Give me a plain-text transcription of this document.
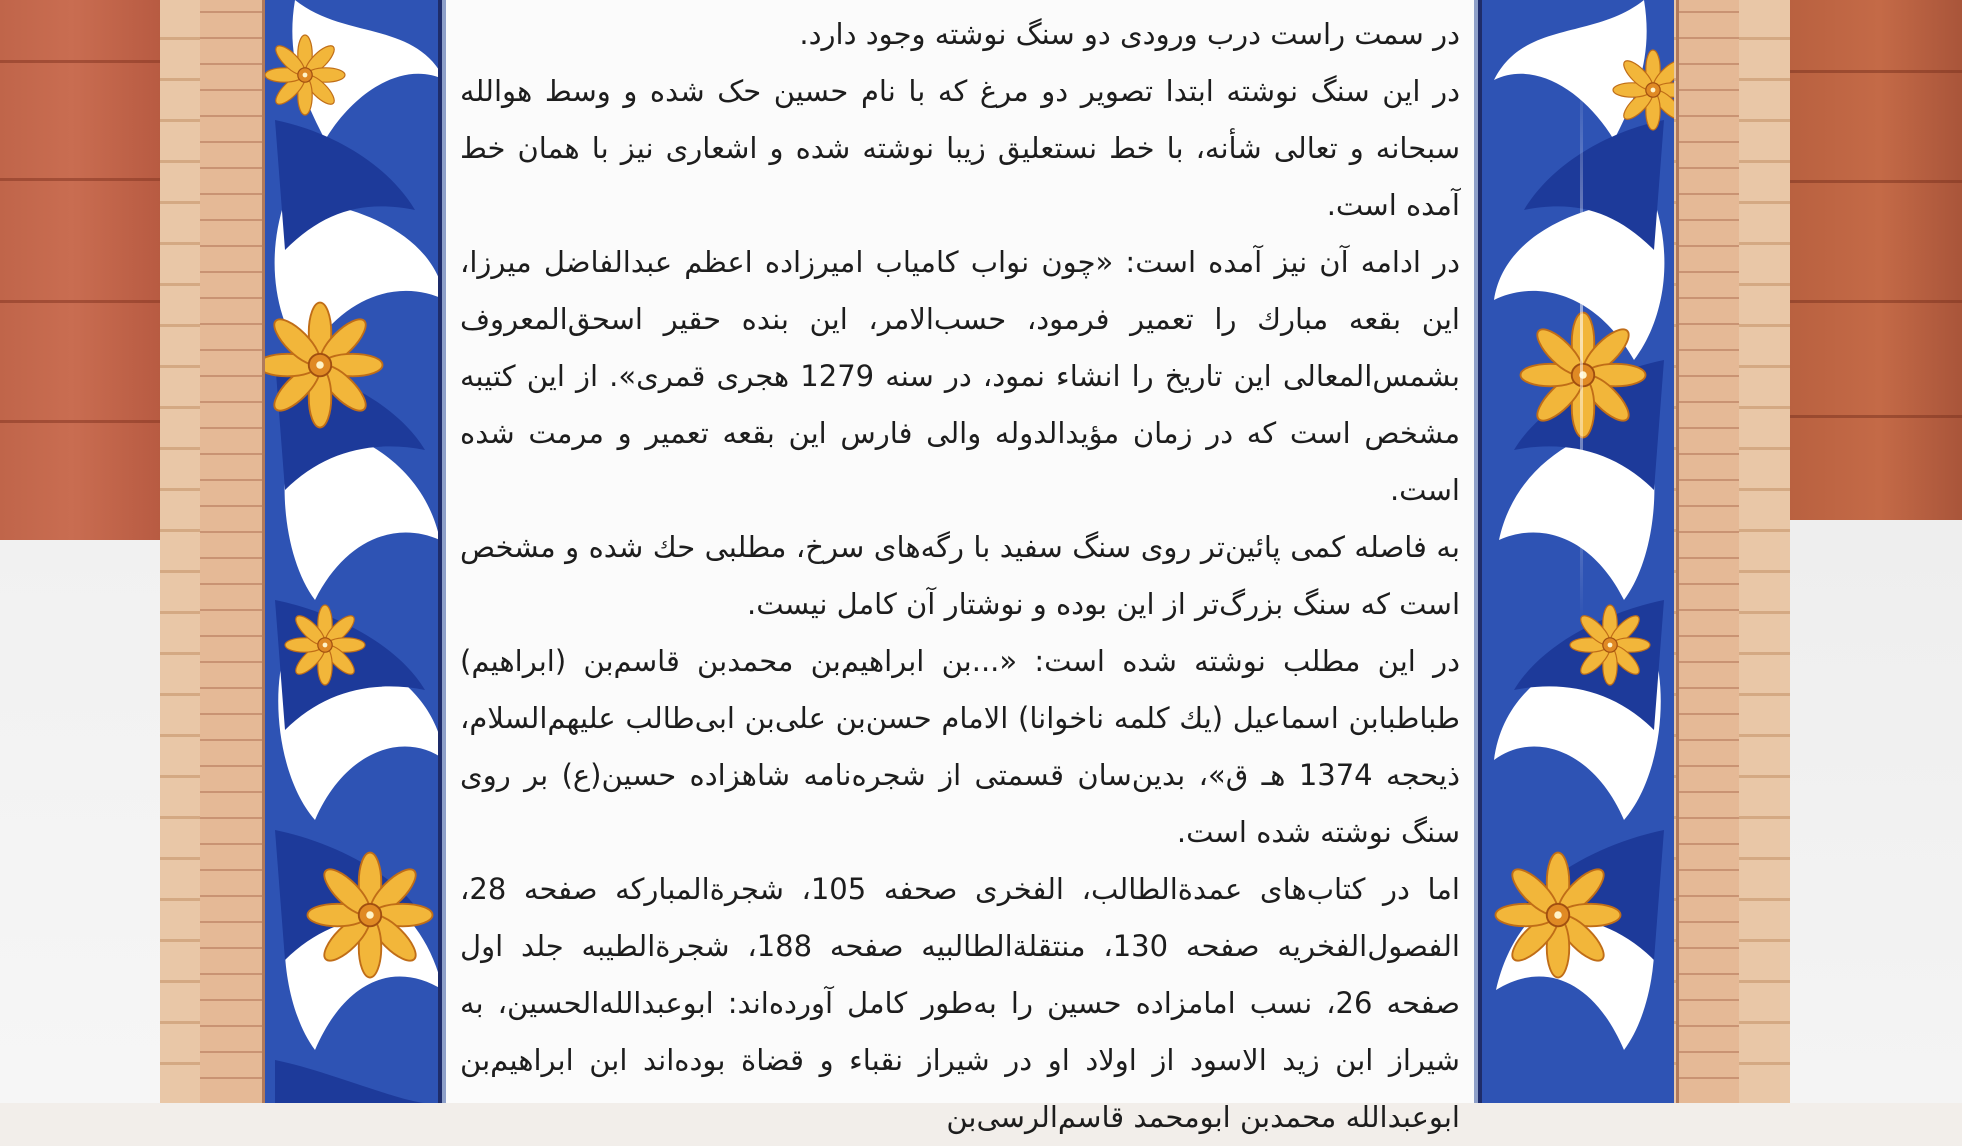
در سمت راست درب ورودی دو سنگ نوشته وجود دارد.

در این سنگ نوشته ابتدا تصویر دو مرغ که با نام حسین حک شده و وسط هوالله سبحانه و تعالی شأنه، با خط نستعلیق زیبا نوشته شده و اشعاری نیز با همان خط آمده است.

در ادامه آن نیز آمده است: «چون نواب کامیاب امیرزاده اعظم عبدالفاضل میرزا، این بقعه مبارك را تعمیر فرمود، حسب‌الامر، این بنده حقیر اسحق‌المعروف بشمس‌المعالی این تاریخ را انشاء نمود، در سنه 1279 هجری قمری». از این کتیبه مشخص است که در زمان مؤیدالدوله والی فارس این بقعه تعمیر و مرمت شده است.

به فاصله کمی پائین‌تر روی سنگ سفید با رگه‌های سرخ، مطلبی حك شده و مشخص است که سنگ بزرگ‌تر از این بوده و نوشتار آن کامل نیست.

در این مطلب نوشته شده است: «...بن ابراهیم‌بن محمدبن قاسم‌بن (ابراهیم) طباطبابن اسماعیل (یك کلمه ناخوانا) الامام حسن‌بن علی‌بن ابی‌طالب علیهم‌السلام، ذیحجه 1374 هـ ق»، بدین‌سان قسمتی از شجره‌نامه شاهزاده حسین(ع) بر روی سنگ نوشته شده است.

اما در کتاب‌های عمدة‌الطالب، الفخری صحفه 105، شجرة‌المبارکه صفحه 28، الفصول‌الفخریه صفحه 130، منتقلة‌الطالبیه صفحه 188، شجرة‌الطیبه جلد اول صفحه 26، نسب امامزاده حسین را به‌طور کامل آورده‌اند: ابوعبدالله‌الحسین، به شیراز ابن زید الاسود از اولاد او در شیراز نقباء و قضاة بوده‌اند ابن ابراهیم‌بن ابوعبدالله محمدبن ابومحمد قاسم‌الرسی‌بن
